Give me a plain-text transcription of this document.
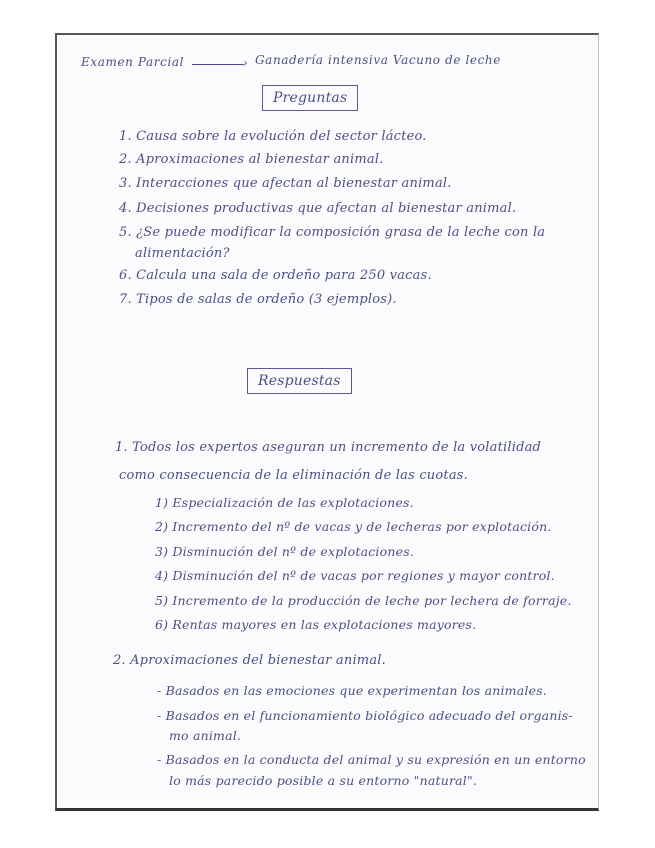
Examen Parcial	› Ganadería intensiva Vacuno de leche
Preguntas
1. Causa sobre la evolución del sector lácteo.
2. Aproximaciones al bienestar animal.
3. Interacciones que afectan al bienestar animal.
4. Decisiones productivas que afectan al bienestar animal.
5. ¿Se puede modificar la composición grasa de la leche con la
alimentación?
6. Calcula una sala de ordeño para 250 vacas.
7. Tipos de salas de ordeño (3 ejemplos).
Respuestas
1. Todos los expertos aseguran un incremento de la volatilidad
como consecuencia de la eliminación de las cuotas.
1) Especialización de las explotaciones.
2) Incremento del nº de vacas y de lecheras por explotación.
3) Disminución del nº de explotaciones.
4) Disminución del nº de vacas por regiones y mayor control.
5) Incremento de la producción de leche por lechera de forraje.
6) Rentas mayores en las explotaciones mayores.
2. Aproximaciones del bienestar animal.
- Basados en las emociones que experimentan los animales.
- Basados en el funcionamiento biológico adecuado del organis-
mo animal.
- Basados en la conducta del animal y su expresión en un entorno
lo más parecido posible a su entorno "natural".
